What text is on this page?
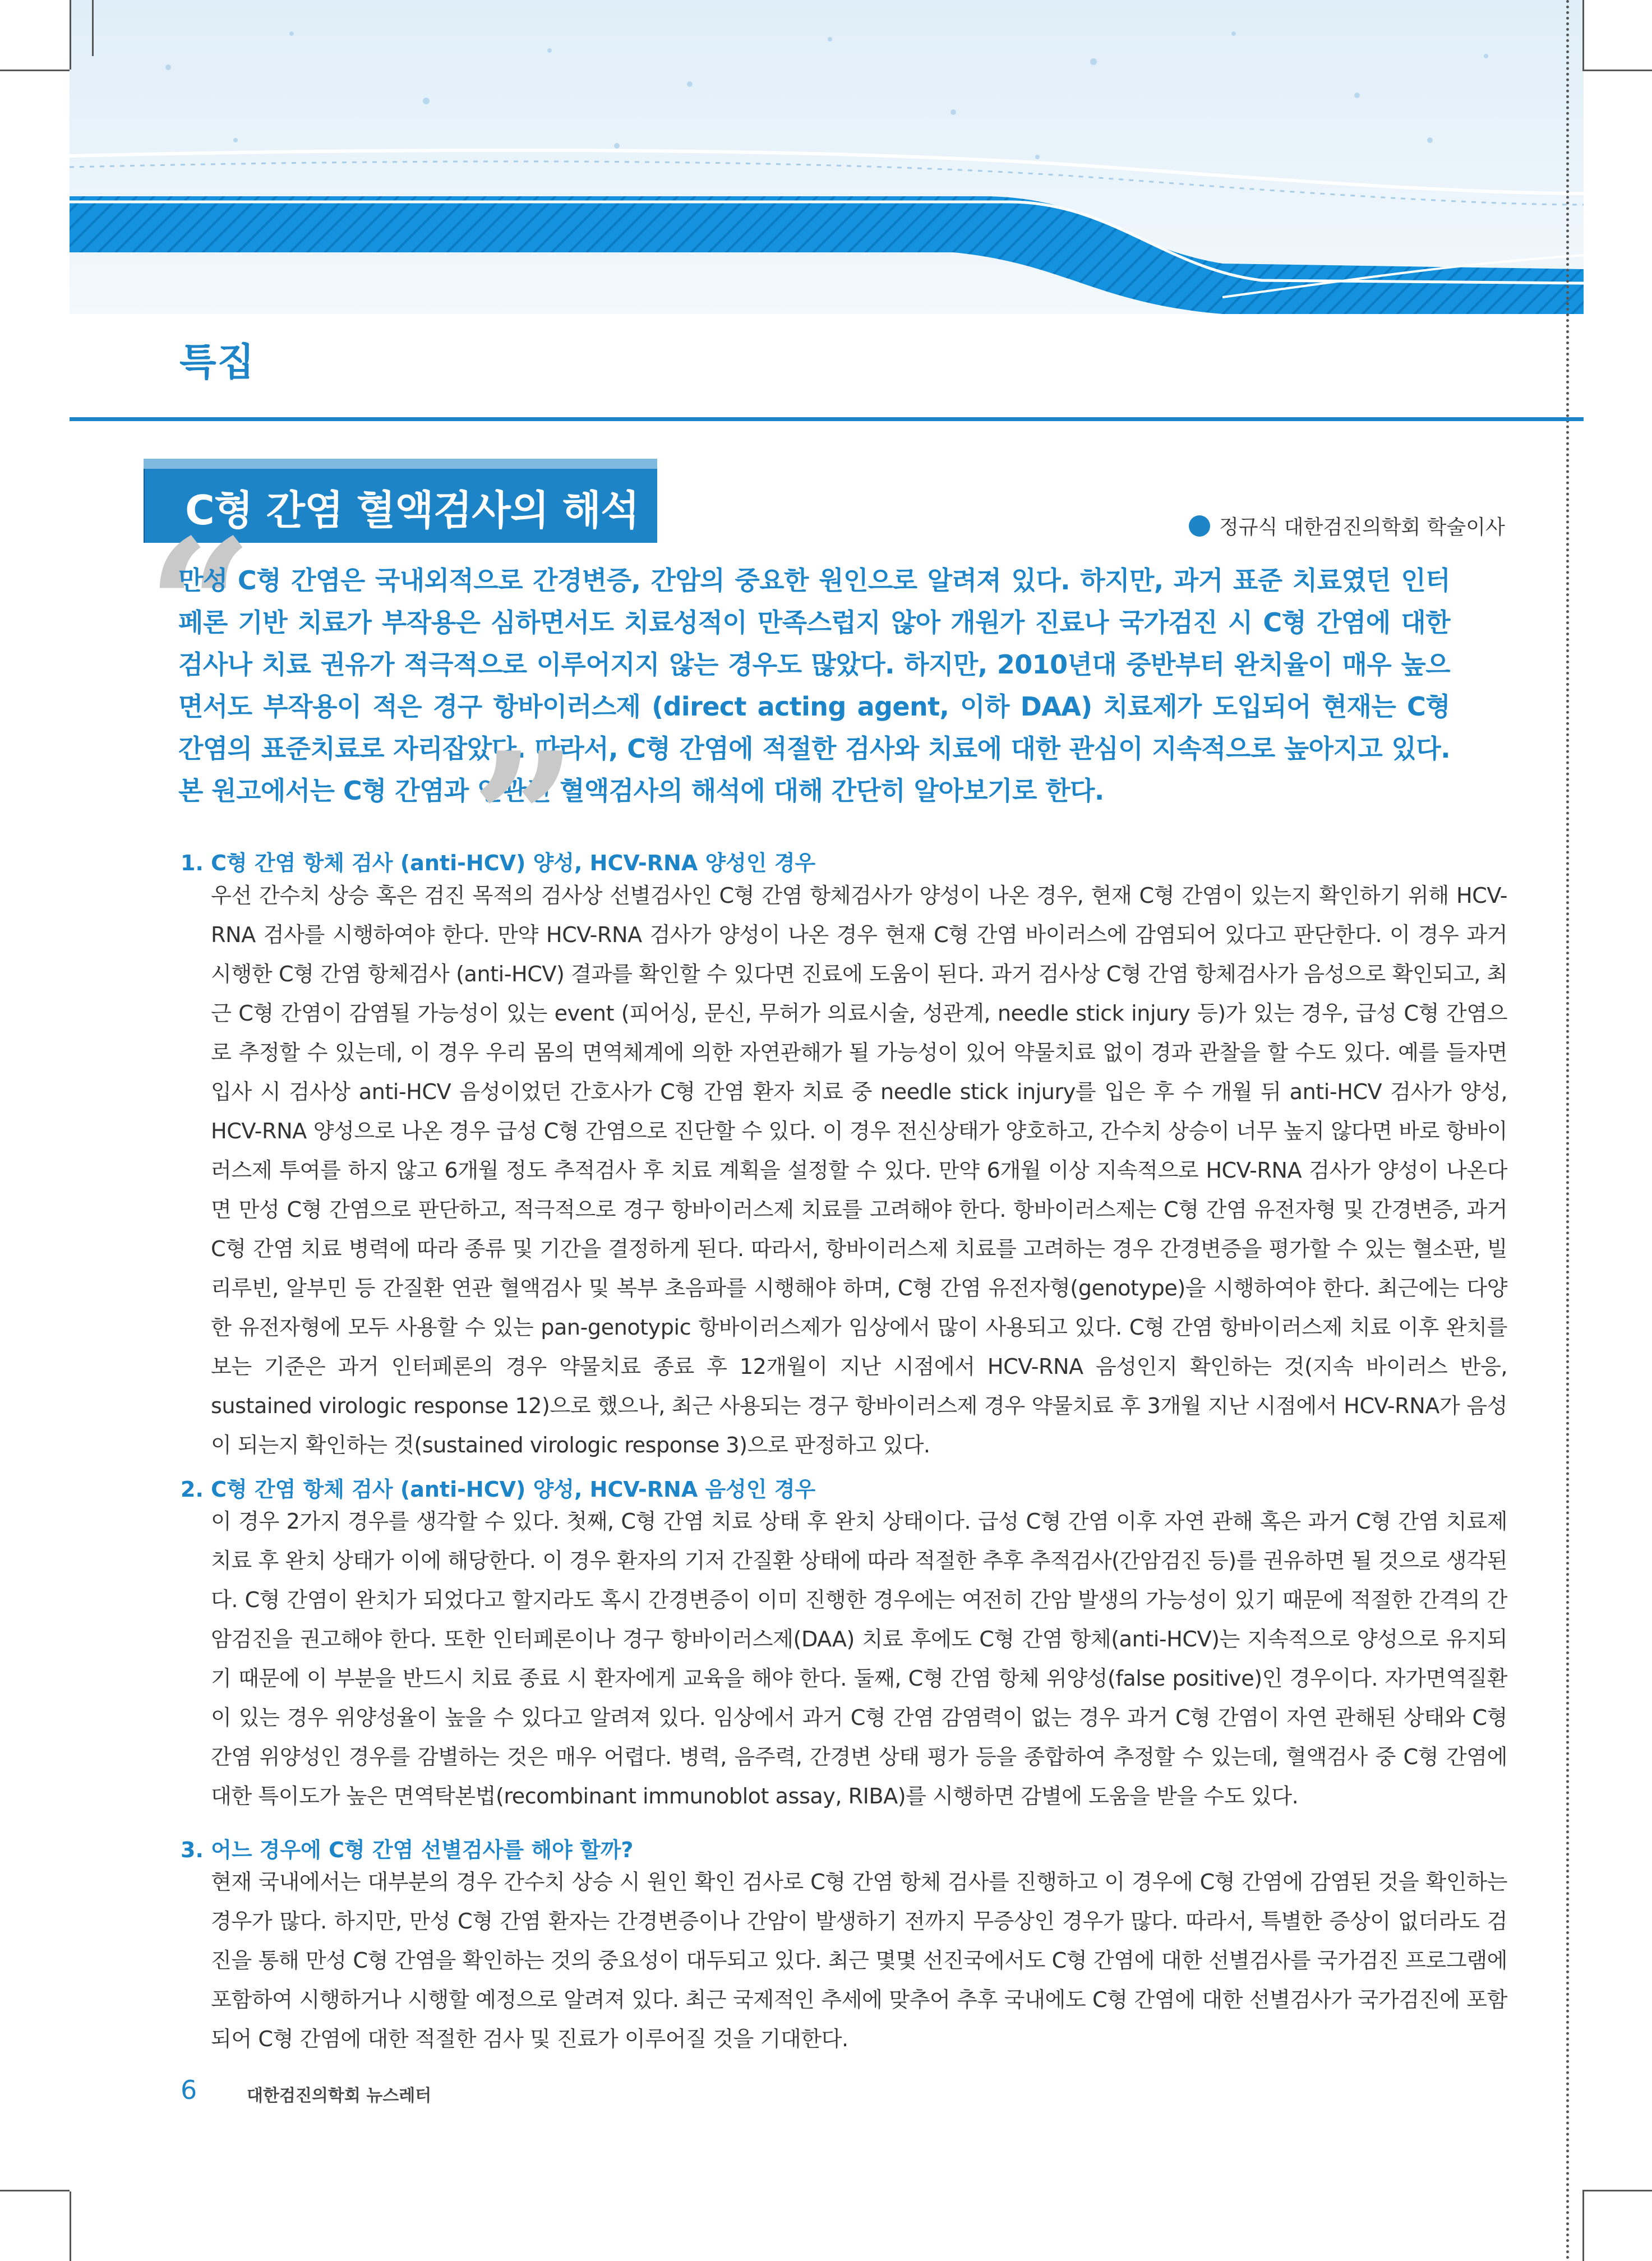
특집
C형 간염 혈액검사의 해석	정규식 대한검진의학회 학술이사
“
만성 C형 간염은 국내외적으로 간경변증, 간암의 중요한 원인으로 알려져 있다. 하지만, 과거 표준 치료였던 인터페론 기반 치료가 부작용은 심하면서도 치료성적이 만족스럽지 않아 개원가 진료나 국가검진 시 C형 간염에 대한 검사나 치료 권유가 적극적으로 이루어지지 않는 경우도 많았다. 하지만, 2010년대 중반부터 완치율이 매우 높으면서도 부작용이 적은 경구 항바이러스제 (direct acting agent, 이하 DAA) 치료제가 도입되어 현재는 C형 간염의 표준치료로 자리잡았다. 따라서, C형 간염에 적절한 검사와 치료에 대한 관심이 지속적으로 높아지고 있다. 본 원고에서는 C형 간염과 연관된 혈액검사의 해석에 대해 간단히 알아보기로 한다.
”
1. C형 간염 항체 검사 (anti-HCV) 양성, HCV-RNA 양성인 경우
우선 간수치 상승 혹은 검진 목적의 검사상 선별검사인 C형 간염 항체검사가 양성이 나온 경우, 현재 C형 간염이 있는지 확인하기 위해 HCV-RNA 검사를 시행하여야 한다. 만약 HCV-RNA 검사가 양성이 나온 경우 현재 C형 간염 바이러스에 감염되어 있다고 판단한다. 이 경우 과거 시행한 C형 간염 항체검사 (anti-HCV) 결과를 확인할 수 있다면 진료에 도움이 된다. 과거 검사상 C형 간염 항체검사가 음성으로 확인되고, 최근 C형 간염이 감염될 가능성이 있는 event (피어싱, 문신, 무허가 의료시술, 성관계, needle stick injury 등)가 있는 경우, 급성 C형 간염으로 추정할 수 있는데, 이 경우 우리 몸의 면역체계에 의한 자연관해가 될 가능성이 있어 약물치료 없이 경과 관찰을 할 수도 있다. 예를 들자면 입사 시 검사상 anti-HCV 음성이었던 간호사가 C형 간염 환자 치료 중 needle stick injury를 입은 후 수 개월 뒤 anti-HCV 검사가 양성, HCV-RNA 양성으로 나온 경우 급성 C형 간염으로 진단할 수 있다. 이 경우 전신상태가 양호하고, 간수치 상승이 너무 높지 않다면 바로 항바이러스제 투여를 하지 않고 6개월 정도 추적검사 후 치료 계획을 설정할 수 있다. 만약 6개월 이상 지속적으로 HCV-RNA 검사가 양성이 나온다면 만성 C형 간염으로 판단하고, 적극적으로 경구 항바이러스제 치료를 고려해야 한다. 항바이러스제는 C형 간염 유전자형 및 간경변증, 과거 C형 간염 치료 병력에 따라 종류 및 기간을 결정하게 된다. 따라서, 항바이러스제 치료를 고려하는 경우 간경변증을 평가할 수 있는 혈소판, 빌리루빈, 알부민 등 간질환 연관 혈액검사 및 복부 초음파를 시행해야 하며, C형 간염 유전자형(genotype)을 시행하여야 한다. 최근에는 다양한 유전자형에 모두 사용할 수 있는 pan-genotypic 항바이러스제가 임상에서 많이 사용되고 있다. C형 간염 항바이러스제 치료 이후 완치를 보는 기준은 과거 인터페론의 경우 약물치료 종료 후 12개월이 지난 시점에서 HCV-RNA 음성인지 확인하는 것(지속 바이러스 반응, sustained virologic response 12)으로 했으나, 최근 사용되는 경구 항바이러스제 경우 약물치료 후 3개월 지난 시점에서 HCV-RNA가 음성이 되는지 확인하는 것(sustained virologic response 3)으로 판정하고 있다.
2. C형 간염 항체 검사 (anti-HCV) 양성, HCV-RNA 음성인 경우
이 경우 2가지 경우를 생각할 수 있다. 첫째, C형 간염 치료 상태 후 완치 상태이다. 급성 C형 간염 이후 자연 관해 혹은 과거 C형 간염 치료제 치료 후 완치 상태가 이에 해당한다. 이 경우 환자의 기저 간질환 상태에 따라 적절한 추후 추적검사(간암검진 등)를 권유하면 될 것으로 생각된다. C형 간염이 완치가 되었다고 할지라도 혹시 간경변증이 이미 진행한 경우에는 여전히 간암 발생의 가능성이 있기 때문에 적절한 간격의 간암검진을 권고해야 한다. 또한 인터페론이나 경구 항바이러스제(DAA) 치료 후에도 C형 간염 항체(anti-HCV)는 지속적으로 양성으로 유지되기 때문에 이 부분을 반드시 치료 종료 시 환자에게 교육을 해야 한다. 둘째, C형 간염 항체 위양성(false positive)인 경우이다. 자가면역질환이 있는 경우 위양성율이 높을 수 있다고 알려져 있다. 임상에서 과거 C형 간염 감염력이 없는 경우 과거 C형 간염이 자연 관해된 상태와 C형 간염 위양성인 경우를 감별하는 것은 매우 어렵다. 병력, 음주력, 간경변 상태 평가 등을 종합하여 추정할 수 있는데, 혈액검사 중 C형 간염에 대한 특이도가 높은 면역탁본법(recombinant immunoblot assay, RIBA)를 시행하면 감별에 도움을 받을 수도 있다.
3. 어느 경우에 C형 간염 선별검사를 해야 할까?
현재 국내에서는 대부분의 경우 간수치 상승 시 원인 확인 검사로 C형 간염 항체 검사를 진행하고 이 경우에 C형 간염에 감염된 것을 확인하는 경우가 많다. 하지만, 만성 C형 간염 환자는 간경변증이나 간암이 발생하기 전까지 무증상인 경우가 많다. 따라서, 특별한 증상이 없더라도 검진을 통해 만성 C형 간염을 확인하는 것의 중요성이 대두되고 있다. 최근 몇몇 선진국에서도 C형 간염에 대한 선별검사를 국가검진 프로그램에 포함하여 시행하거나 시행할 예정으로 알려져 있다. 최근 국제적인 추세에 맞추어 추후 국내에도 C형 간염에 대한 선별검사가 국가검진에 포함되어 C형 간염에 대한 적절한 검사 및 진료가 이루어질 것을 기대한다.
6	대한검진의학회 뉴스레터
